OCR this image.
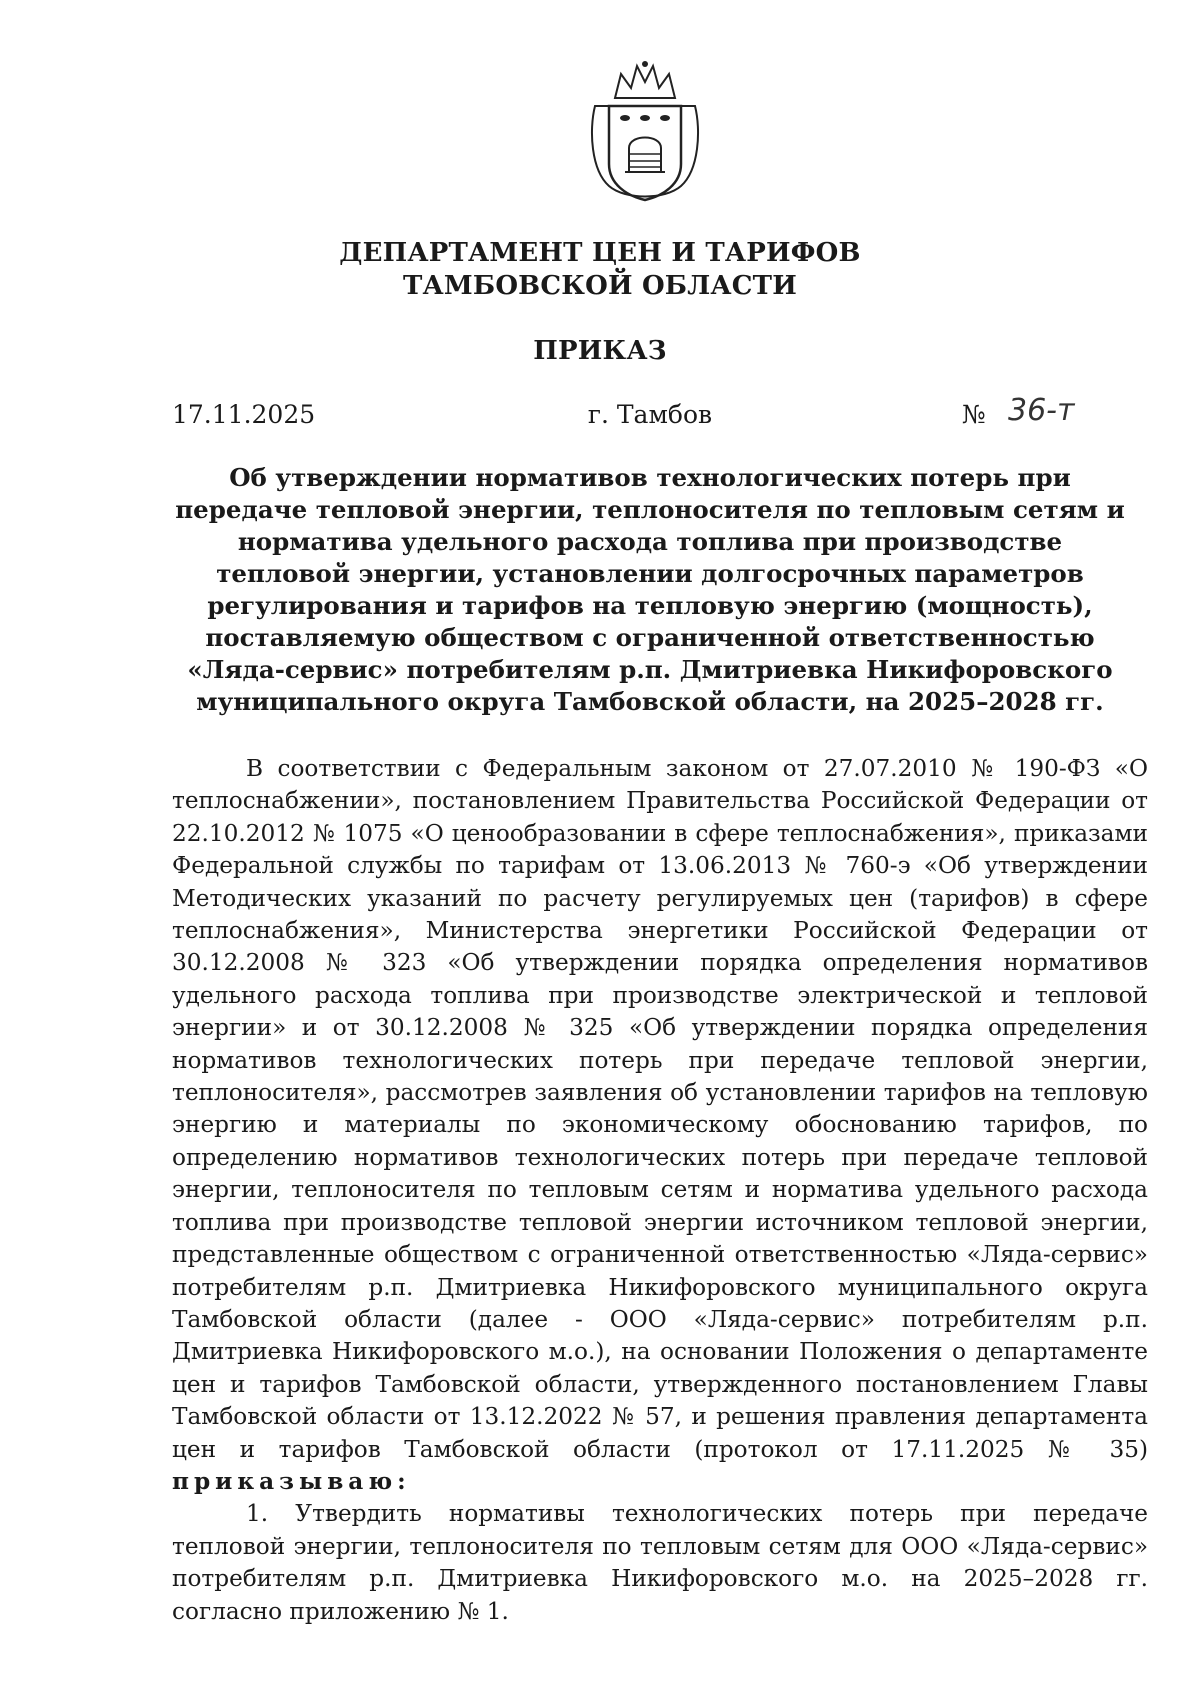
ДЕПАРТАМЕНТ ЦЕН И ТАРИФОВ
ТАМБОВСКОЙ ОБЛАСТИ
ПРИКАЗ
17.11.2025	г. Тамбов	№ 36-т
Об утверждении нормативов технологических потерь при передаче тепловой энергии, теплоносителя по тепловым сетям и норматива удельного расхода топлива при производстве тепловой энергии, установлении долгосрочных параметров регулирования и тарифов на тепловую энергию (мощность), поставляемую обществом с ограниченной ответственностью «Ляда-сервис» потребителям р.п. Дмитриевка Никифоровского муниципального округа Тамбовской области, на 2025–2028 гг.

В соответствии с Федеральным законом от 27.07.2010 № 190-ФЗ «О теплоснабжении», постановлением Правительства Российской Федерации от 22.10.2012 № 1075 «О ценообразовании в сфере теплоснабжения», приказами Федеральной службы по тарифам от 13.06.2013 № 760-э «Об утверждении Методических указаний по расчету регулируемых цен (тарифов) в сфере теплоснабжения», Министерства энергетики Российской Федерации от 30.12.2008 № 323 «Об утверждении порядка определения нормативов удельного расхода топлива при производстве электрической и тепловой энергии» и от 30.12.2008 № 325 «Об утверждении порядка определения нормативов технологических потерь при передаче тепловой энергии, теплоносителя», рассмотрев заявления об установлении тарифов на тепловую энергию и материалы по экономическому обоснованию тарифов, по определению нормативов технологических потерь при передаче тепловой энергии, теплоносителя по тепловым сетям и норматива удельного расхода топлива при производстве тепловой энергии источником тепловой энергии, представленные обществом с ограниченной ответственностью «Ляда-сервис» потребителям р.п. Дмитриевка Никифоровского муниципального округа Тамбовской области (далее - ООО «Ляда-сервис» потребителям р.п. Дмитриевка Никифоровского м.о.), на основании Положения о департаменте цен и тарифов Тамбовской области, утвержденного постановлением Главы Тамбовской области от 13.12.2022 № 57, и решения правления департамента цен и тарифов Тамбовской области (протокол от 17.11.2025 № 35) приказываю:

1. Утвердить нормативы технологических потерь при передаче тепловой энергии, теплоносителя по тепловым сетям для ООО «Ляда-сервис» потребителям р.п. Дмитриевка Никифоровского м.о. на 2025–2028 гг. согласно приложению № 1.
